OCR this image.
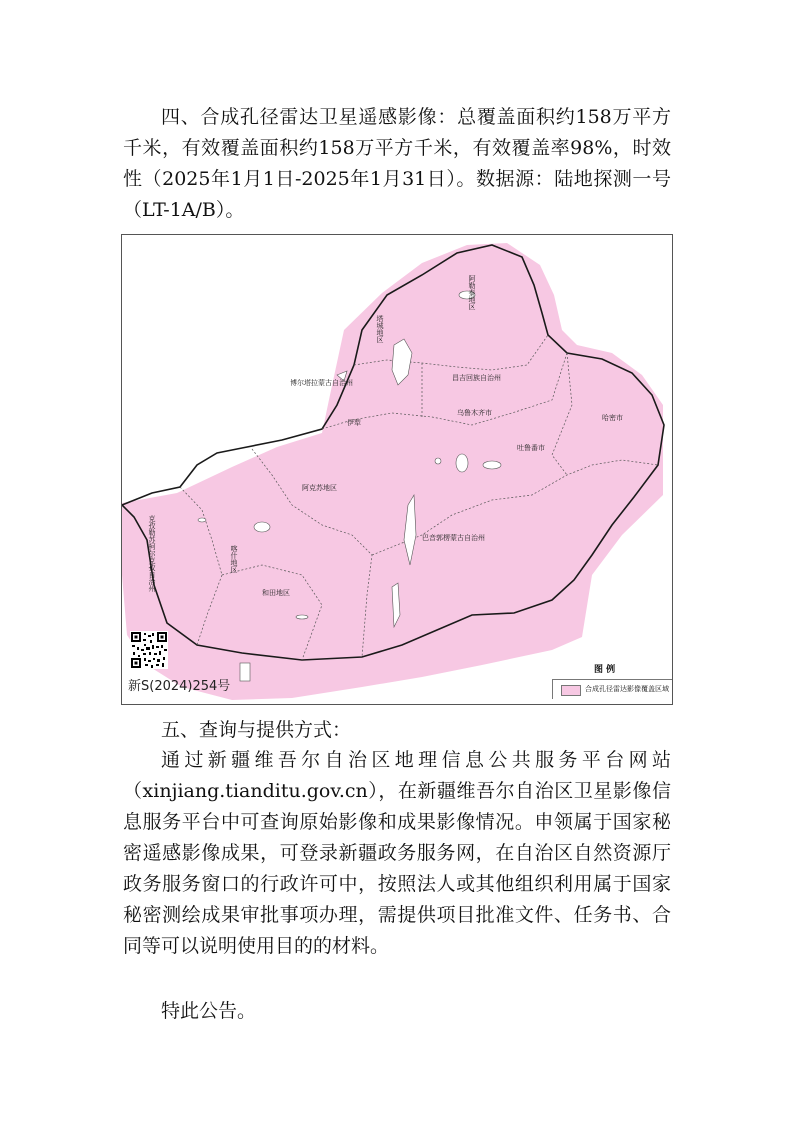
四、合成孔径雷达卫星遥感影像：总覆盖面积约158万平方千米，有效覆盖面积约158万平方千米，有效覆盖率98%，时效性（2025年1月1日-2025年1月31日）。数据源：陆地探测一号（LT-1A/B）。

阿勒泰地区
塔城地区
博尔塔拉蒙古自治州
昌吉回族自治州
乌鲁木齐市
吐鲁番市
哈密市
伊犁
阿克苏地区
克孜勒苏柯尔克孜自治州	喀什地区
和田地区
巴音郭楞蒙古自治州
新S(2024)254号
图 例
合成孔径雷达影像覆盖区域

五、查询与提供方式：

通过新疆维吾尔自治区地理信息公共服务平台网站（xinjiang.tianditu.gov.cn），在新疆维吾尔自治区卫星影像信息服务平台中可查询原始影像和成果影像情况。申领属于国家秘密遥感影像成果，可登录新疆政务服务网，在自治区自然资源厅政务服务窗口的行政许可中，按照法人或其他组织利用属于国家秘密测绘成果审批事项办理，需提供项目批准文件、任务书、合同等可以说明使用目的的材料。

特此公告。
